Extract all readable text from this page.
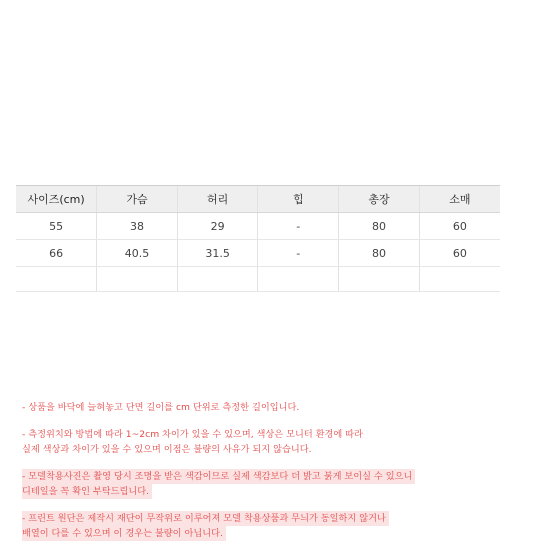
사이즈(cm)	가슴	허리	힙	총장	소매
55	38	29	-	80	60
66	40.5	31.5	-	80	60

- 상품을 바닥에 늘혀놓고 단면 길이를 cm 단위로 측정한 길이입니다.

- 측정위치와 방법에 따라 1~2cm 차이가 있을 수 있으며, 색상은 모니터 환경에 따라
실제 색상과 차이가 있을 수 있으며 이점은 불량의 사유가 되지 않습니다.

- 모델착용사진은 촬영 당시 조명을 받은 색감이므로 실제 색감보다 더 밝고 붉게 보이실 수 있으니
디테일을 꼭 확인 부탁드립니다.

- 프린트 원단은 제작시 재단이 무작위로 이루어져 모델 착용상품과 무늬가 동일하지 않거나
배열이 다를 수 있으며 이 경우는 불량이 아닙니다.
